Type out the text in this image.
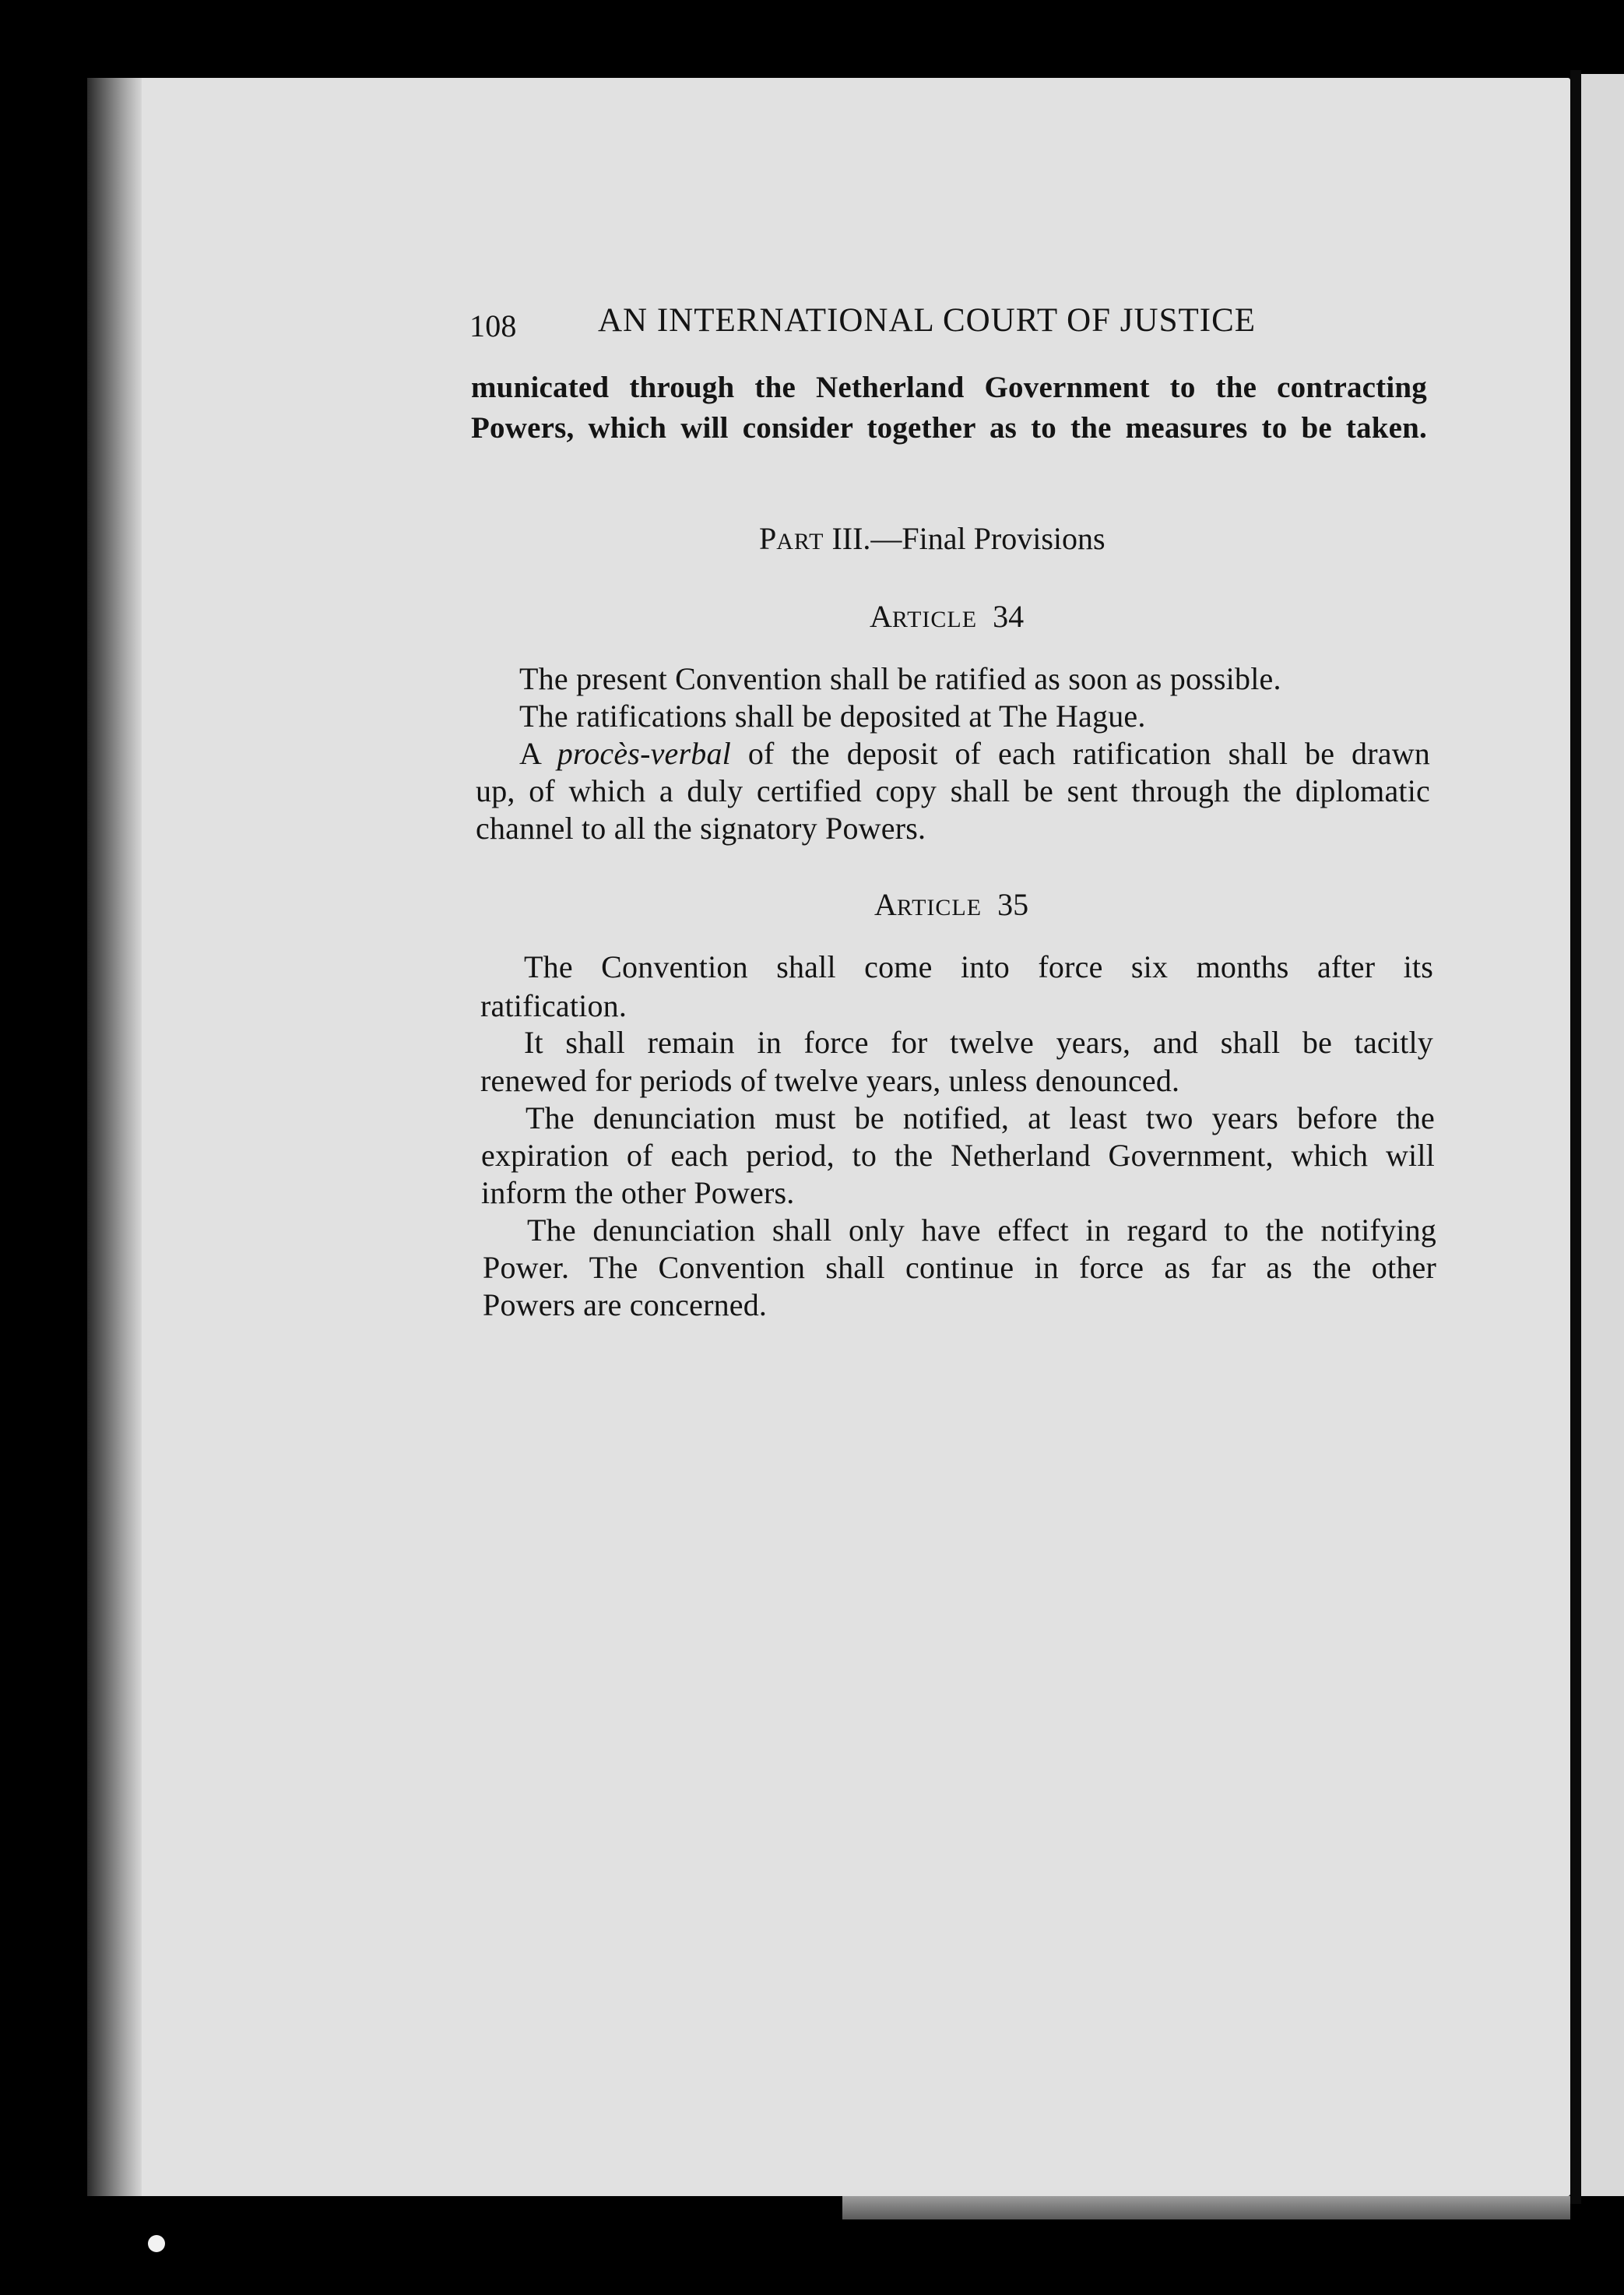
108 AN INTERNATIONAL COURT OF JUSTICE
municated through the Netherland Government to the contracting
Powers, which will consider together as to the measures to be taken.
PART III.—Final Provisions
ARTICLE 34
The present Convention shall be ratified as soon as possible.
The ratifications shall be deposited at The Hague.
A procès-verbal of the deposit of each ratification shall be drawn
up, of which a duly certified copy shall be sent through the diplomatic
channel to all the signatory Powers.
ARTICLE 35
The Convention shall come into force six months after its
ratification.
It shall remain in force for twelve years, and shall be tacitly
renewed for periods of twelve years, unless denounced.
The denunciation must be notified, at least two years before the
expiration of each period, to the Netherland Government, which will
inform the other Powers.
The denunciation shall only have effect in regard to the notifying
Power. The Convention shall continue in force as far as the other
Powers are concerned.
